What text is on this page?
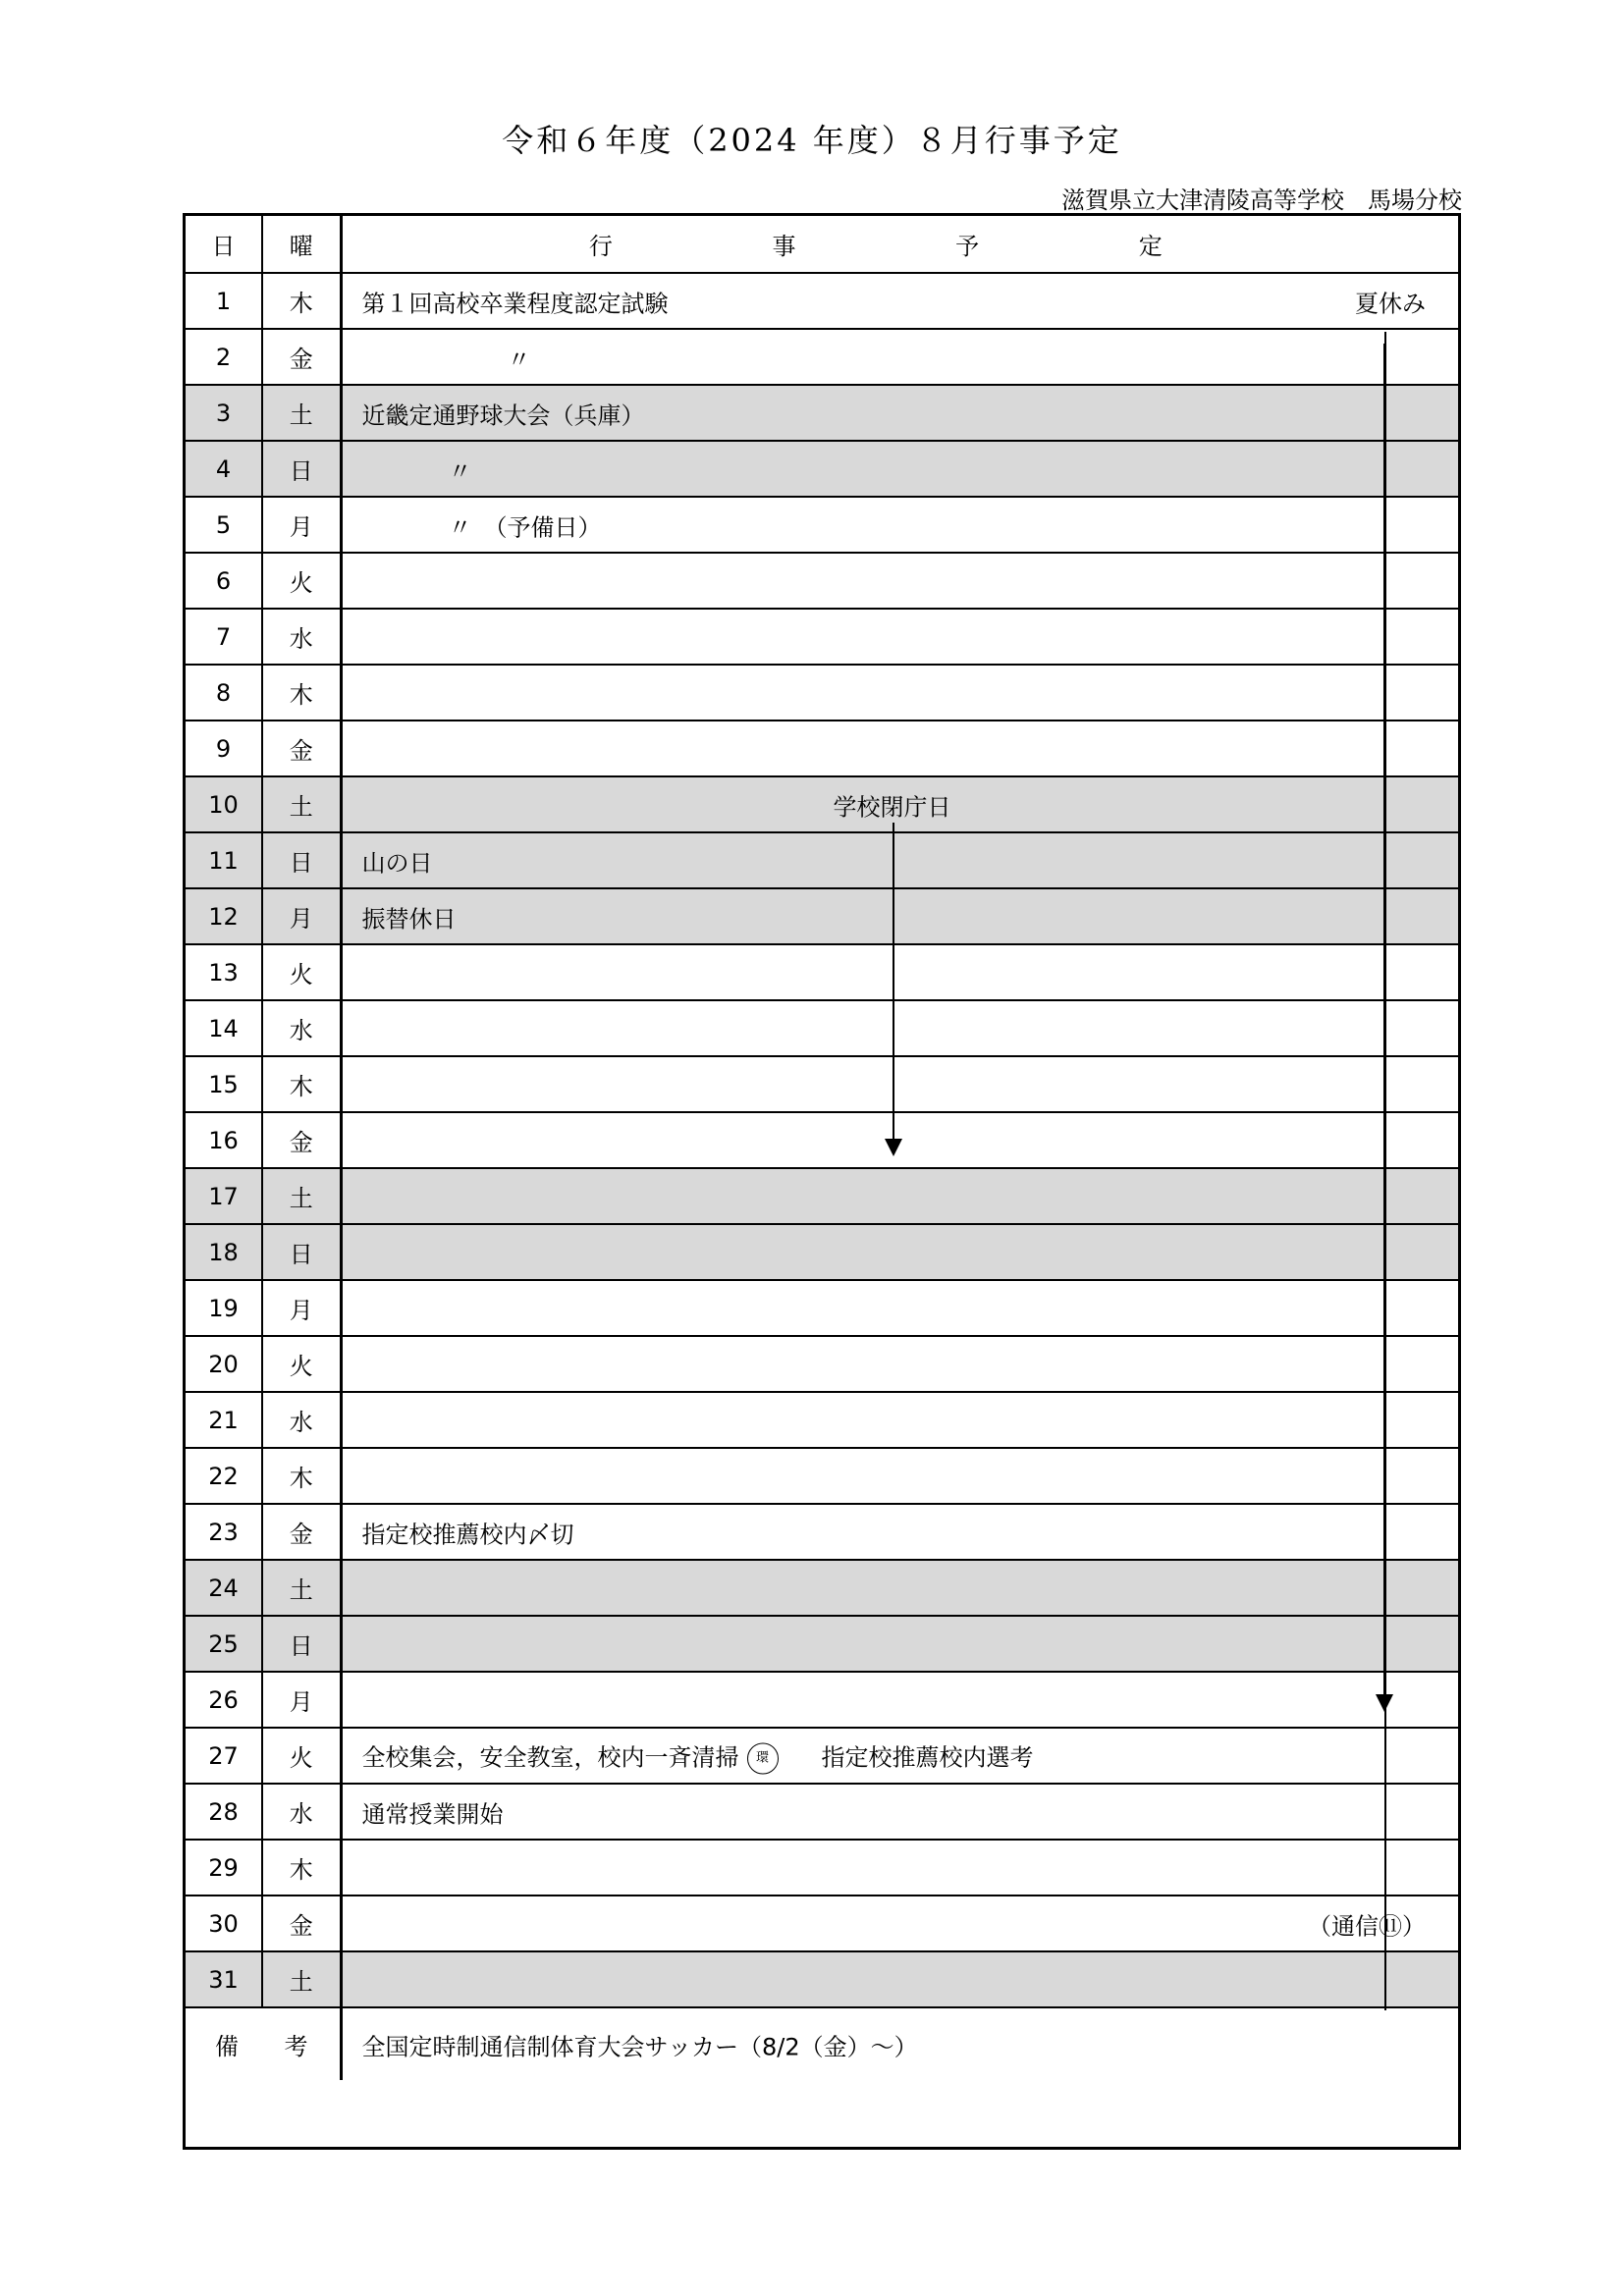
令和６年度（2024 年度）８月行事予定
滋賀県立大津清陵高等学校　馬場分校
日	曜	行 事 予 定

1	木	第１回高校卒業程度認定試験 夏休み

2	金	〃

3	土	近畿定通野球大会（兵庫）

4	日	〃

5	月	〃　（予備日）

6	火	
7	水	
8	木	
9	金	
10	土	学校閉庁日

11	日	山の日

12	月	振替休日

13	火	
14	水	
15	木	
16	金	
17	土	

18	日	

19	月	
20	火	
21	水	
22	木	
23	金	指定校推薦校内〆切

24	土	

25	日	

26	月	
27	火	全校集会，安全教室，校内一斉清掃 環 指定校推薦校内選考

28	水	通常授業開始

29	木	
30	金	（通信⑪）

31	土	

備 考		全国定時制通信制体育大会サッカー（8/2（金）～）
